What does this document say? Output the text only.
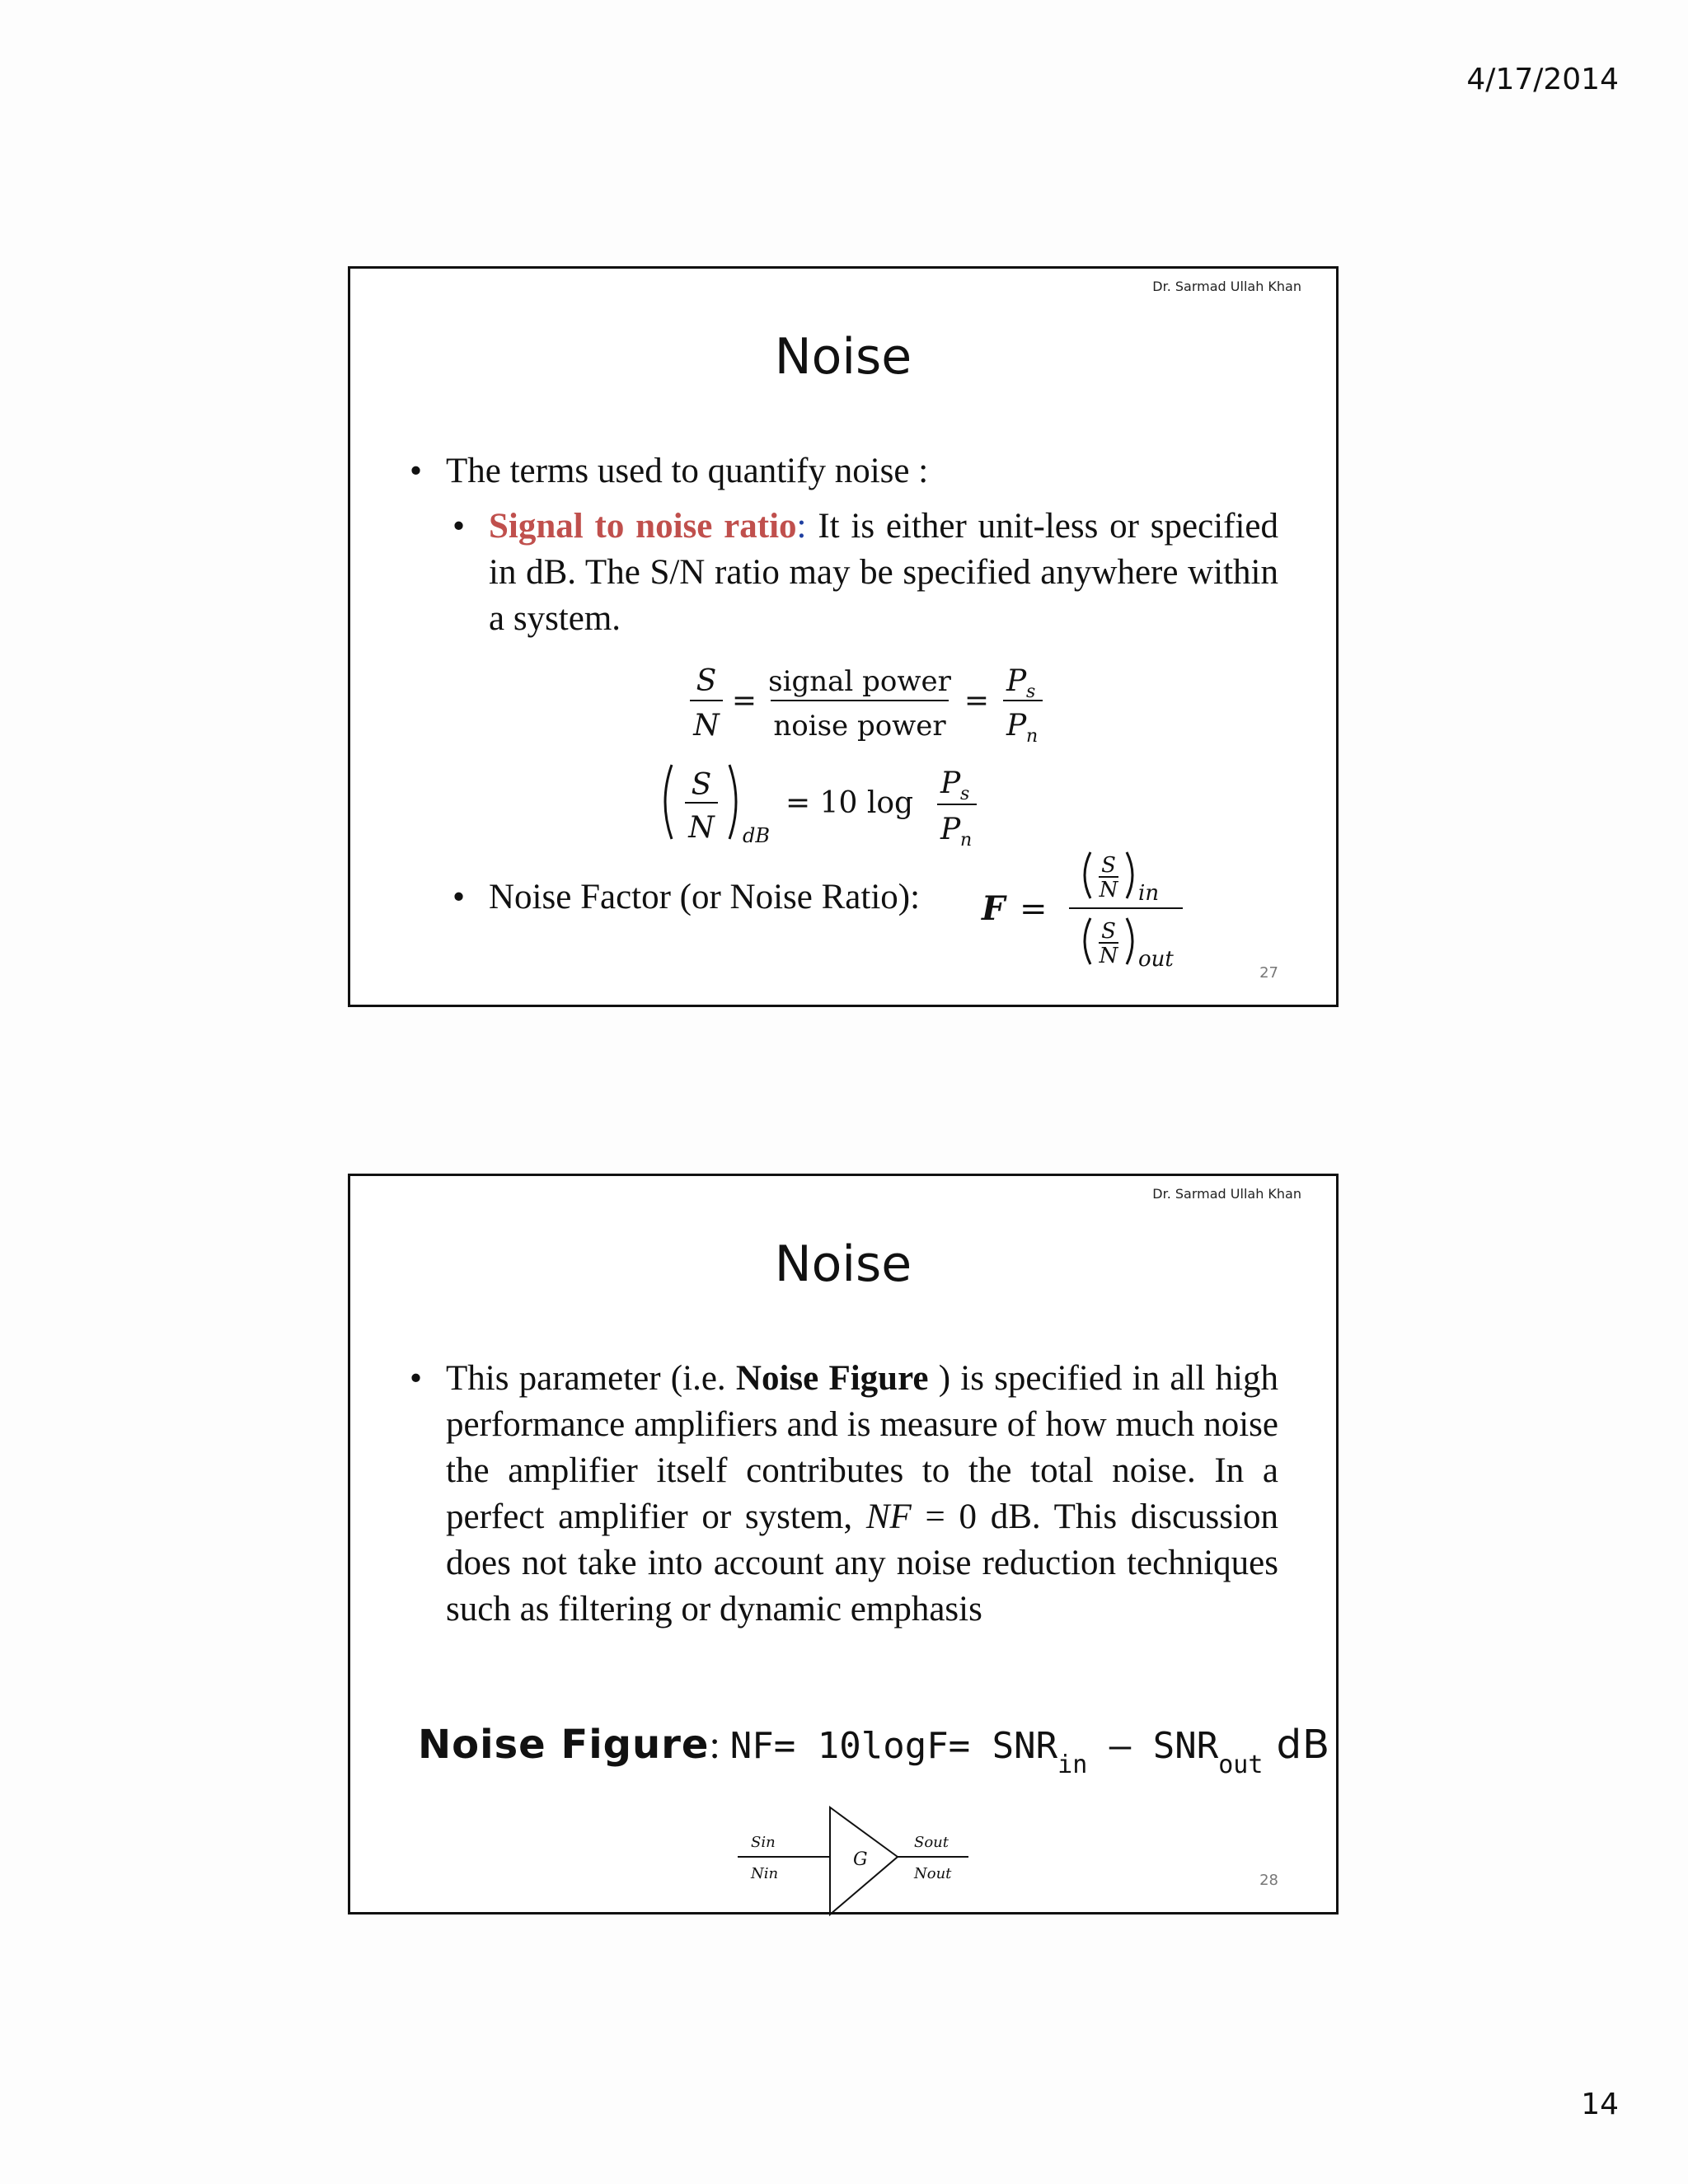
4/17/2014
Dr. Sarmad Ullah Khan
Noise
• The terms used to quantify noise :
• Signal to noise ratio: It is either unit-less or specified in dB. The S/N ratio may be specified anywhere within a system.
S
N
=
signal power
noise power
=
P s
P n
S
N dB
= 10 log
P s
P n
• Noise Factor (or Noise Ratio):	F =
S
N in
S
N out
27
Dr. Sarmad Ullah Khan
Noise
• This parameter (i.e. Noise Figure ) is specified in all high performance amplifiers and is measure of how much noise the amplifier itself contributes to the total noise. In a perfect amplifier or system, NF = 0 dB. This discussion does not take into account any noise reduction techniques such as filtering or dynamic emphasis
Noise Figure: $NF= 10\log F= SNR_{in} - SNR_{out}$ dB
G
Sin
Nin
Sout
Nout	28
14
